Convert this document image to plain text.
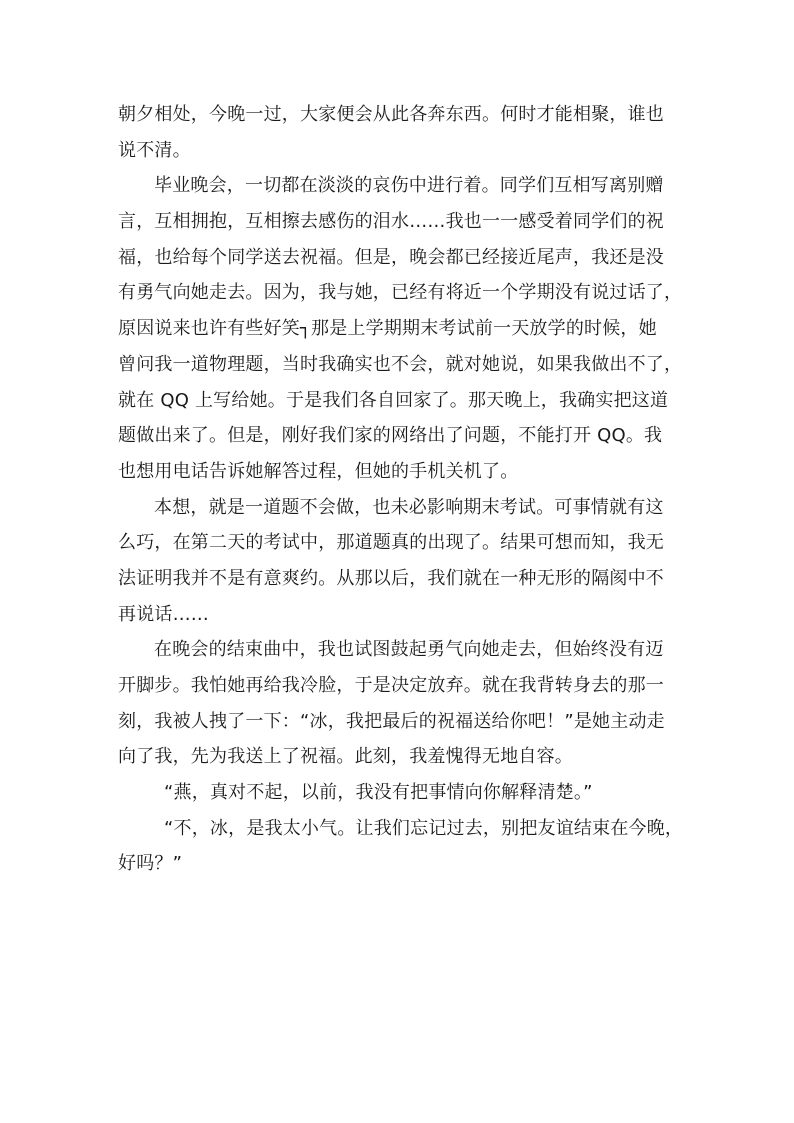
朝夕相处，今晚一过，大家便会从此各奔东西。何时才能相聚，谁也
说不清。
毕业晚会，一切都在淡淡的哀伤中进行着。同学们互相写离别赠
言，互相拥抱，互相擦去感伤的泪水……我也一一感受着同学们的祝
福，也给每个同学送去祝福。但是，晚会都已经接近尾声，我还是没
有勇气向她走去。因为，我与她，已经有将近一个学期没有说过话了，
原因说来也许有些好笑┐那是上学期期末考试前一天放学的时候，她
曾问我一道物理题，当时我确实也不会，就对她说，如果我做出不了，
就在 QQ 上写给她。于是我们各自回家了。那天晚上，我确实把这道
题做出来了。但是，刚好我们家的网络出了问题，不能打开 QQ。我
也想用电话告诉她解答过程，但她的手机关机了。
本想，就是一道题不会做，也未必影响期末考试。可事情就有这
么巧，在第二天的考试中，那道题真的出现了。结果可想而知，我无
法证明我并不是有意爽约。从那以后，我们就在一种无形的隔阂中不
再说话……
在晚会的结束曲中，我也试图鼓起勇气向她走去，但始终没有迈
开脚步。我怕她再给我冷脸，于是决定放弃。就在我背转身去的那一
刻，我被人拽了一下：“冰，我把最后的祝福送给你吧！”是她主动走
向了我，先为我送上了祝福。此刻，我羞愧得无地自容。
“燕，真对不起，以前，我没有把事情向你解释清楚。”
“不，冰，是我太小气。让我们忘记过去，别把友谊结束在今晚，
好吗？”
